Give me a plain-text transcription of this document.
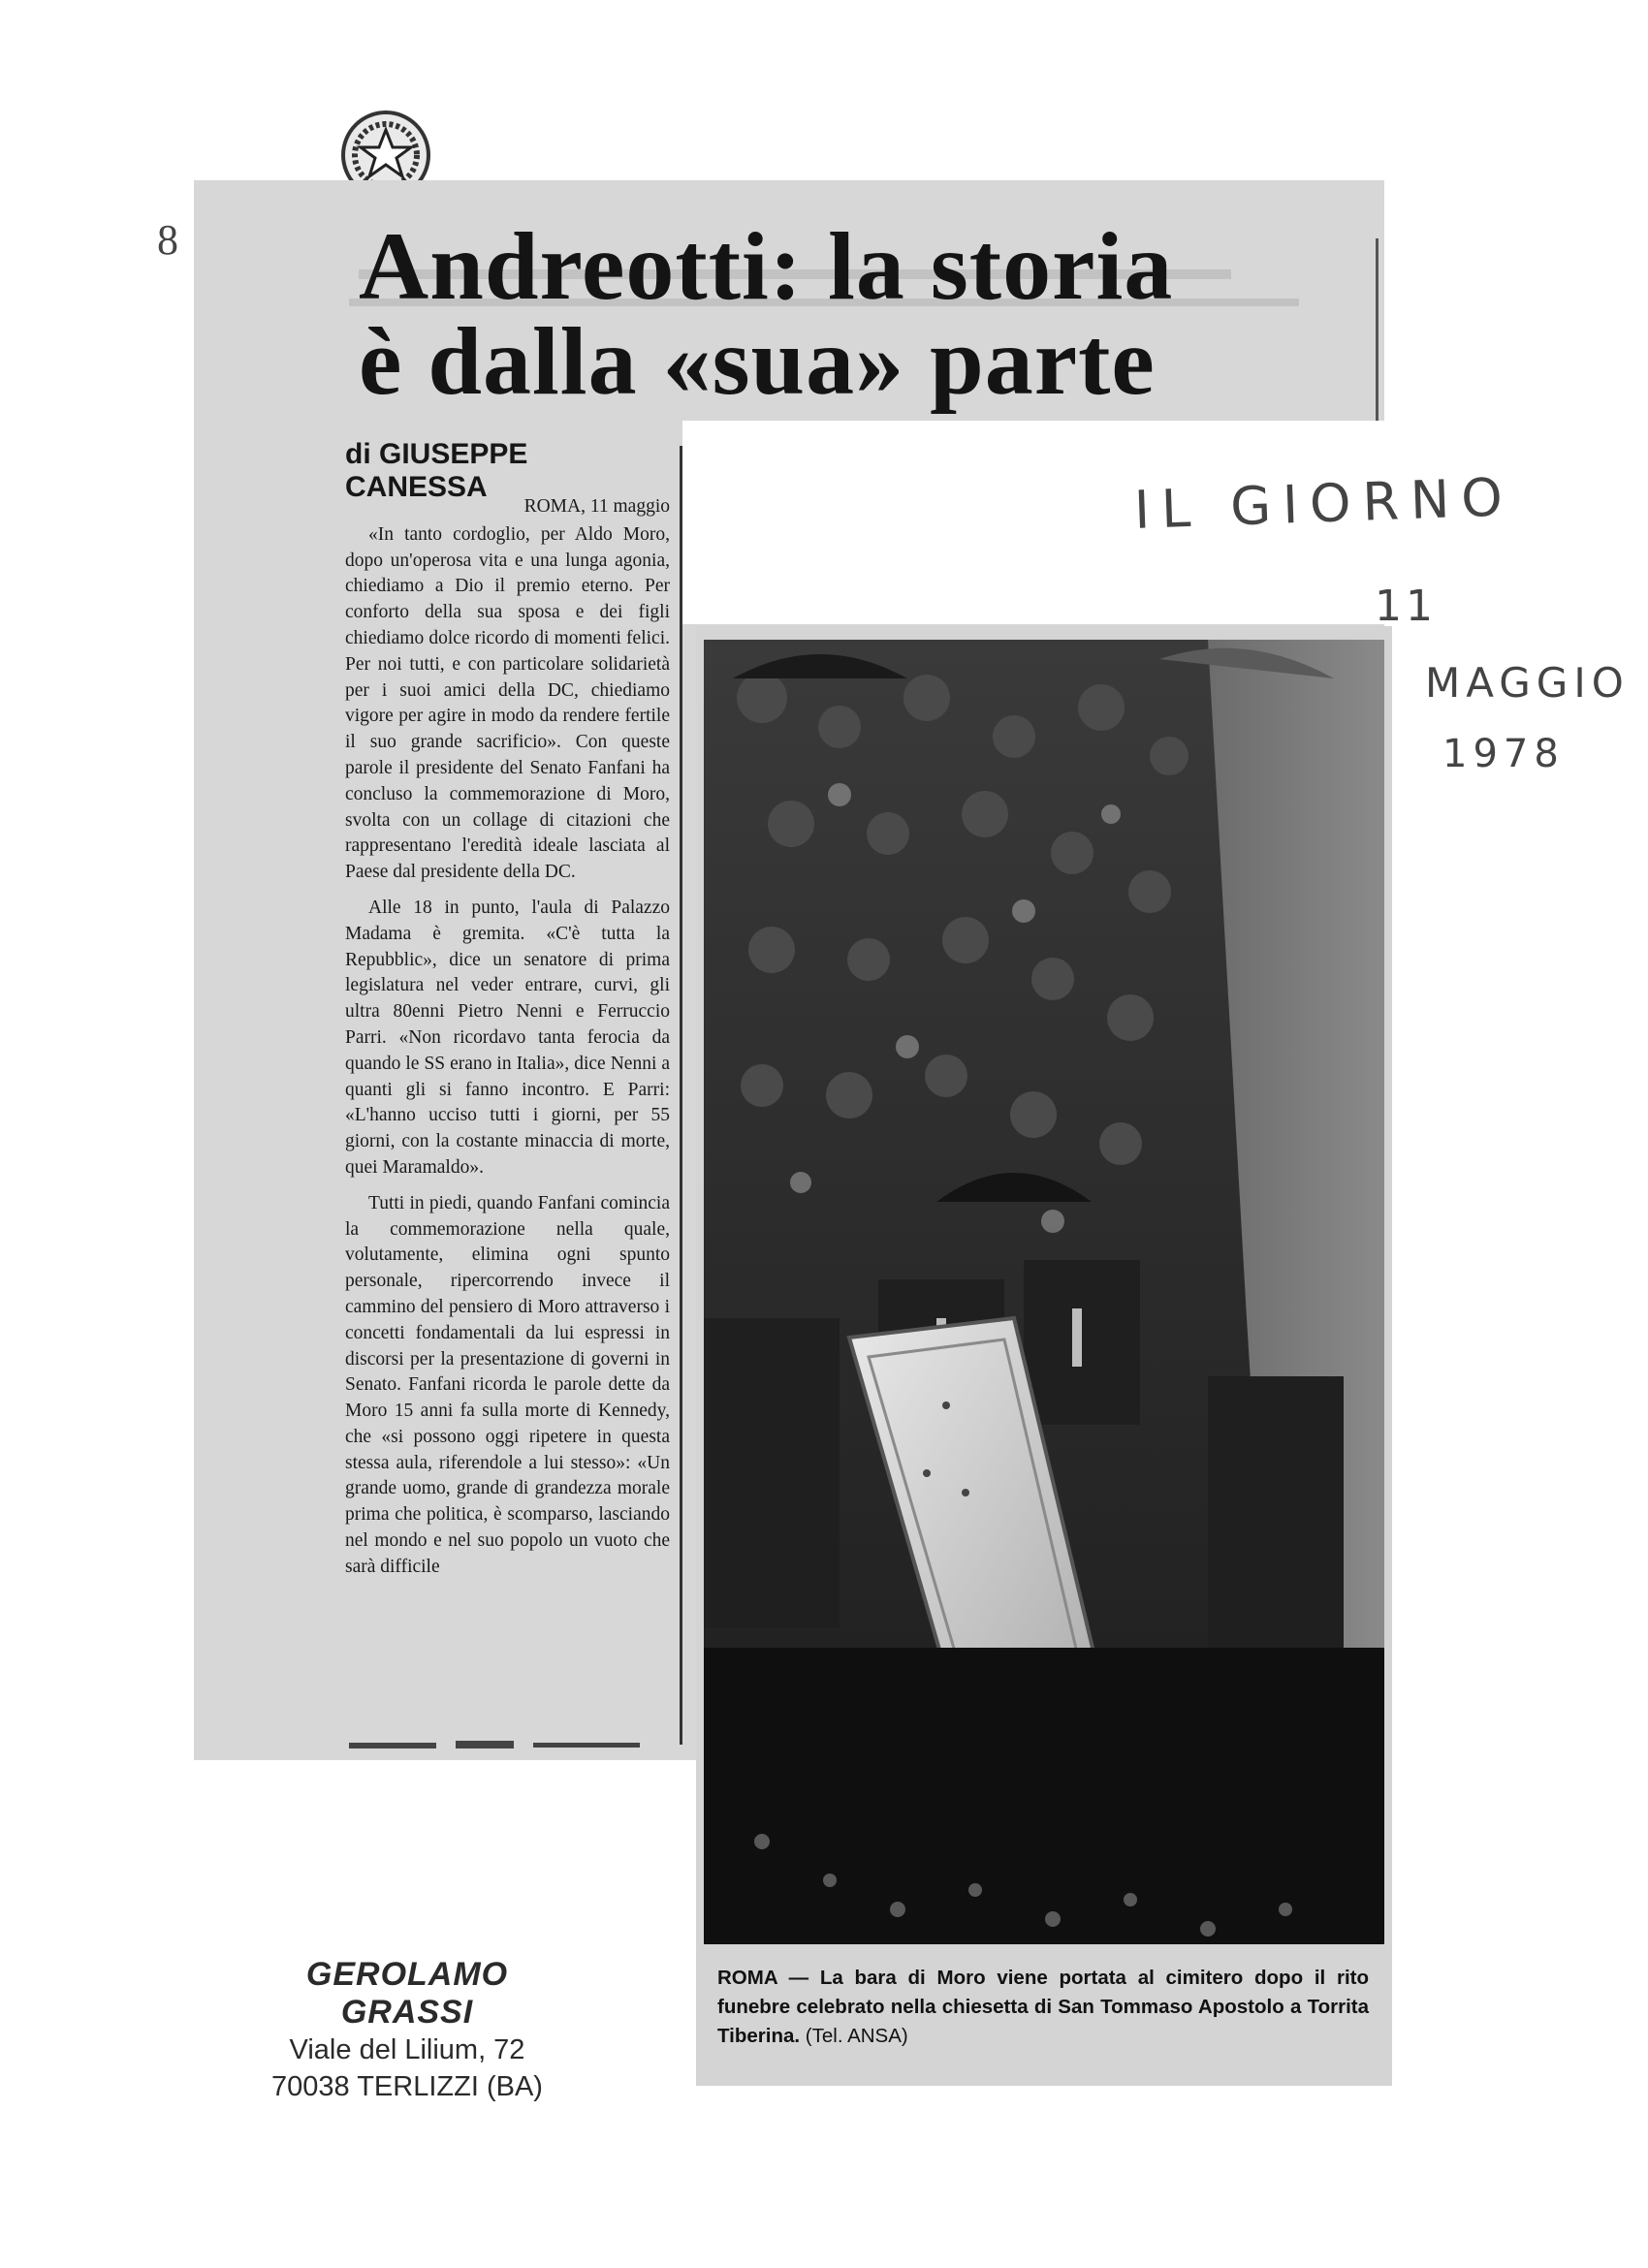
8 Andreotti: la storia
è dalla «sua» parte
di GIUSEPPE CANESSA

ROMA, 11 maggio

«In tanto cordoglio, per Aldo Moro, dopo un'operosa vita e una lunga agonia, chiediamo a Dio il premio eterno. Per conforto della sua sposa e dei figli chiediamo dolce ricordo di momenti felici. Per noi tutti, e con particolare solidarietà per i suoi amici della DC, chiediamo vigore per agire in modo da rendere fertile il suo grande sacrificio». Con queste parole il presidente del Senato Fanfani ha concluso la commemorazione di Moro, svolta con un collage di citazioni che rappresentano l'eredità ideale lasciata al Paese dal presidente della DC.

Alle 18 in punto, l'aula di Palazzo Madama è gremita. «C'è tutta la Repubblic», dice un senatore di prima legislatura nel veder entrare, curvi, gli ultra 80enni Pietro Nenni e Ferruccio Parri. «Non ricordavo tanta ferocia da quando le SS erano in Italia», dice Nenni a quanti gli si fanno incontro. E Parri: «L'hanno ucciso tutti i giorni, per 55 giorni, con la costante minaccia di morte, quei Maramaldo».

Tutti in piedi, quando Fanfani comincia la commemorazione nella quale, volutamente, elimina ogni spunto personale, ripercorrendo invece il cammino del pensiero di Moro attraverso i concetti fondamentali da lui espressi in discorsi per la presentazione di governi in Senato. Fanfani ricorda le parole dette da Moro 15 anni fa sulla morte di Kennedy, che «si possono oggi ripetere in questa stessa aula, riferendole a lui stesso»: «Un grande uomo, grande di grandezza morale prima che politica, è scomparso, lasciando nel mondo e nel suo popolo un vuoto che sarà difficile

ROMA — La bara di Moro viene portata al cimitero dopo il rito funebre celebrato nella chiesetta di San Tommaso Apostolo a Torrita Tiberina. (Tel. ANSA)
IL GIORNO
11
MAGGIO
1978
GEROLAMO GRASSI
Viale del Lilium, 72
70038 TERLIZZI (BA)
